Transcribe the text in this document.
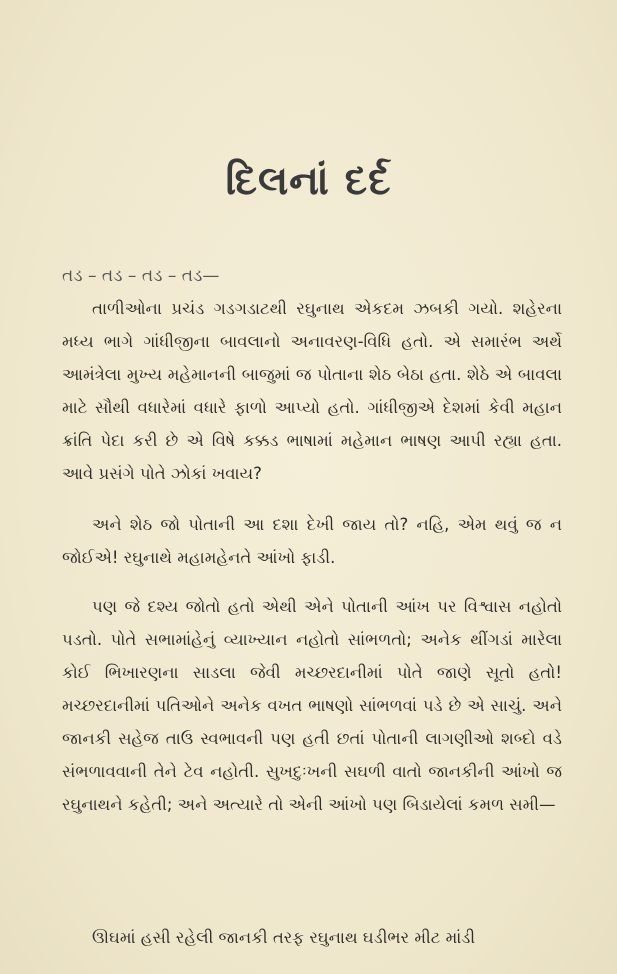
દિલનાં દર્દ
તડ – તડ – તડ – તડ—

તાળીઓના પ્રચંડ ગડગડાટથી રઘુનાથ એકદમ ઝબકી ગયો. શહેરના મધ્ય ભાગે ગાંધીજીના બાવલાનો અનાવરણ-વિધિ હતો. એ સમારંભ અર્થે આમંત્રેલા મુખ્ય મહેમાનની બાજુમાં જ પોતાના શેઠ બેઠા હતા. શેઠે એ બાવલા માટે સૌથી વધારેમાં વધારે ફાળો આપ્યો હતો. ગાંધીજીએ દેશમાં કેવી મહાન ક્રાંતિ પેદા કરી છે એ વિષે કક્કડ ભાષામાં મહેમાન ભાષણ આપી રહ્યા હતા. આવે પ્રસંગે પોતે ઝોકાં ખવાય?

અને શેઠ જો પોતાની આ દશા દેખી જાય તો? નહિ, એમ થવું જ ન જોઈએ! રઘુનાથે મહામહેનતે આંખો ફાડી.

પણ જે દશ્ય જોતો હતો એથી એને પોતાની આંખ પર વિશ્વાસ નહોતો પડતો. પોતે સભામાંહેનું વ્યાખ્યાન નહોતો સાંભળતો; અનેક થીંગડાં મારેલા કોઈ ભિખારણના સાડલા જેવી મચ્છરદાનીમાં પોતે જાણે સૂતો હતો! મચ્છરદાનીમાં પતિઓને અનેક વખત ભાષણો સાંભળવાં પડે છે એ સાચું. અને જાનકી સહેજ તાઉ સ્વભાવની પણ હતી છતાં પોતાની લાગણીઓ શબ્દો વડે સંભળાવવાની તેને ટેવ નહોતી. સુખદુઃખની સઘળી વાતો જાનકીની આંખો જ રઘુનાથને કહેતી; અને અત્યારે તો એની આંખો પણ બિડાયેલાં કમળ સમી—

ઊંઘમાં હસી રહેલી જાનકી તરફ રઘુનાથ ઘડીભર મીટ માંડી
